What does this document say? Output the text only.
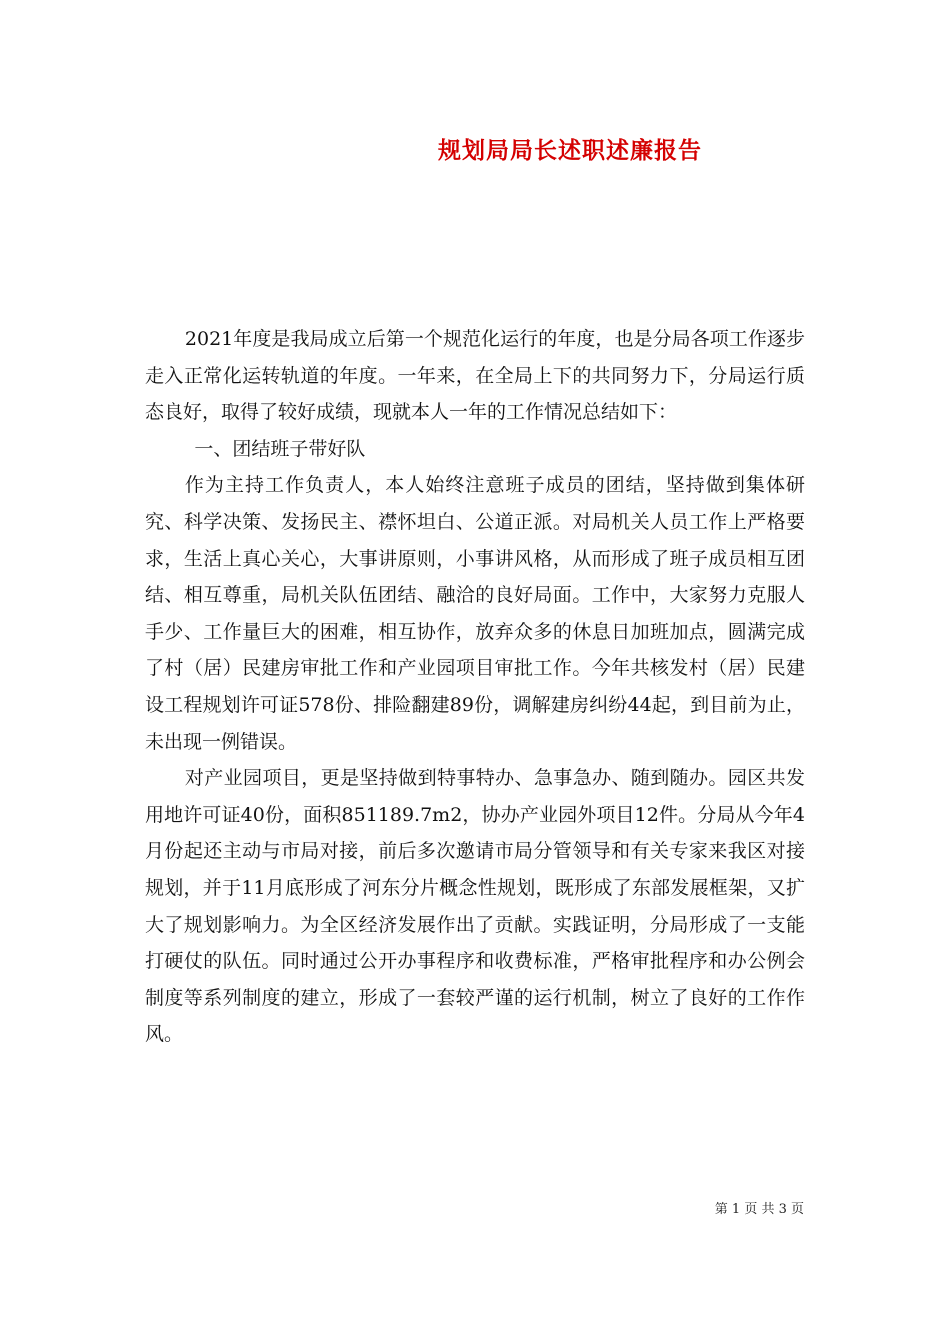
规划局局长述职述廉报告

2021年度是我局成立后第一个规范化运行的年度，也是分局各项工作逐步走入正常化运转轨道的年度。一年来，在全局上下的共同努力下，分局运行质态良好，取得了较好成绩，现就本人一年的工作情况总结如下：

一、团结班子带好队

作为主持工作负责人，本人始终注意班子成员的团结，坚持做到集体研究、科学决策、发扬民主、襟怀坦白、公道正派。对局机关人员工作上严格要求，生活上真心关心，大事讲原则，小事讲风格，从而形成了班子成员相互团结、相互尊重，局机关队伍团结、融洽的良好局面。工作中，大家努力克服人手少、工作量巨大的困难，相互协作，放弃众多的休息日加班加点，圆满完成了村（居）民建房审批工作和产业园项目审批工作。今年共核发村（居）民建设工程规划许可证578份、排险翻建89份，调解建房纠纷44起，到目前为止，未出现一例错误。

对产业园项目，更是坚持做到特事特办、急事急办、随到随办。园区共发用地许可证40份，面积851189.7m2，协办产业园外项目12件。分局从今年4月份起还主动与市局对接，前后多次邀请市局分管领导和有关专家来我区对接规划，并于11月底形成了河东分片概念性规划，既形成了东部发展框架，又扩大了规划影响力。为全区经济发展作出了贡献。实践证明，分局形成了一支能打硬仗的队伍。同时通过公开办事程序和收费标准，严格审批程序和办公例会制度等系列制度的建立，形成了一套较严谨的运行机制，树立了良好的工作作风。

第 1 页 共 3 页
